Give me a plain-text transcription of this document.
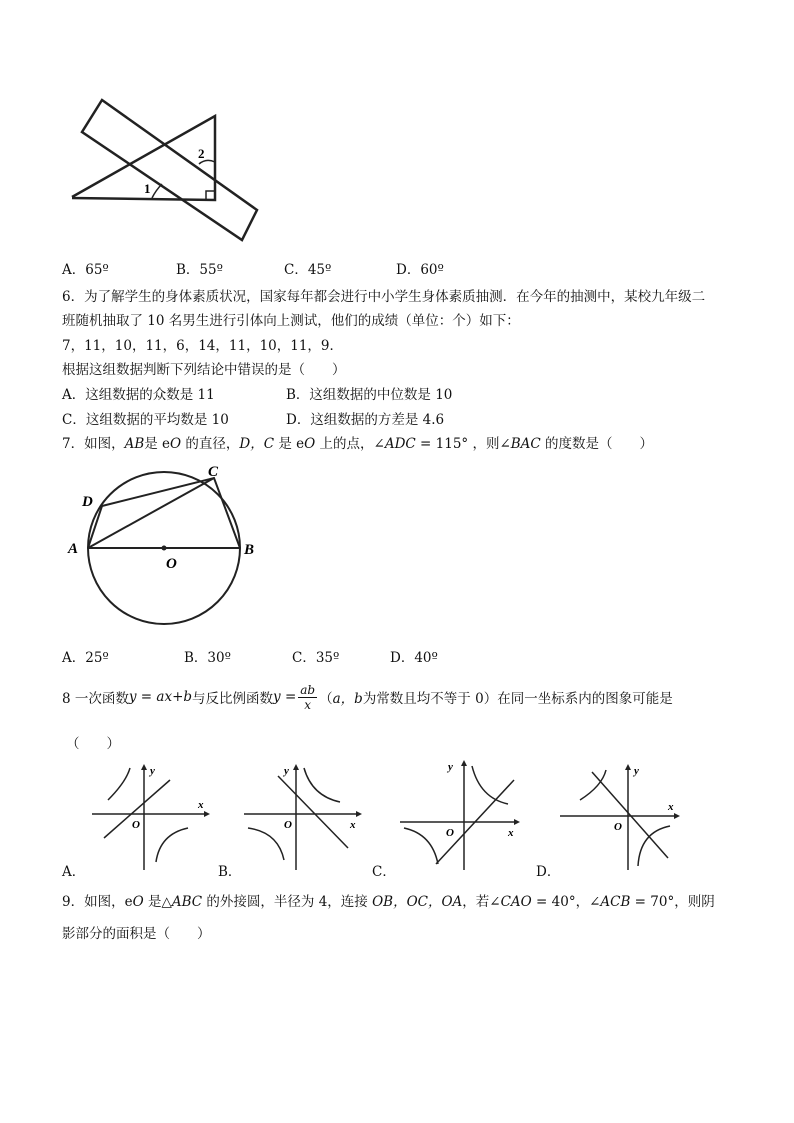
1
2
A．65º	B．55º	C．45º	D．60º
6．为了解学生的身体素质状况，国家每年都会进行中小学生身体素质抽测．在今年的抽测中，某校九年级二
班随机抽取了 10 名男生进行引体向上测试，他们的成绩（单位：个）如下：
7，11，10，11，6，14，11，10，11，9．
根据这组数据判断下列结论中错误的是（　　）
A．这组数据的众数是 11	B．这组数据的中位数是 10
C．这组数据的平均数是 10	D．这组数据的方差是 4.6
7．如图，AB是 eO 的直径，D，C 是 eO 上的点，∠ADC = 115° ，则∠BAC 的度数是（　　）
A	B
C
D
O
A．25º	B．30º	C．35º	D．40º
8 一次函数 y = ax+b 与反比例函数 $y = \frac{ab}{x}$ （ a，b 为常数且均不等于 0）在同一坐标系内的图象可能是
（　　）
x
y
O	x
y
O
x
y
O
x
y
O
A．	B．	C．	D．
9．如图，eO 是△ABC 的外接圆，半径为 4，连接 OB，OC，OA，若∠CAO = 40°，∠ACB = 70°，则阴
影部分的面积是（　　）
